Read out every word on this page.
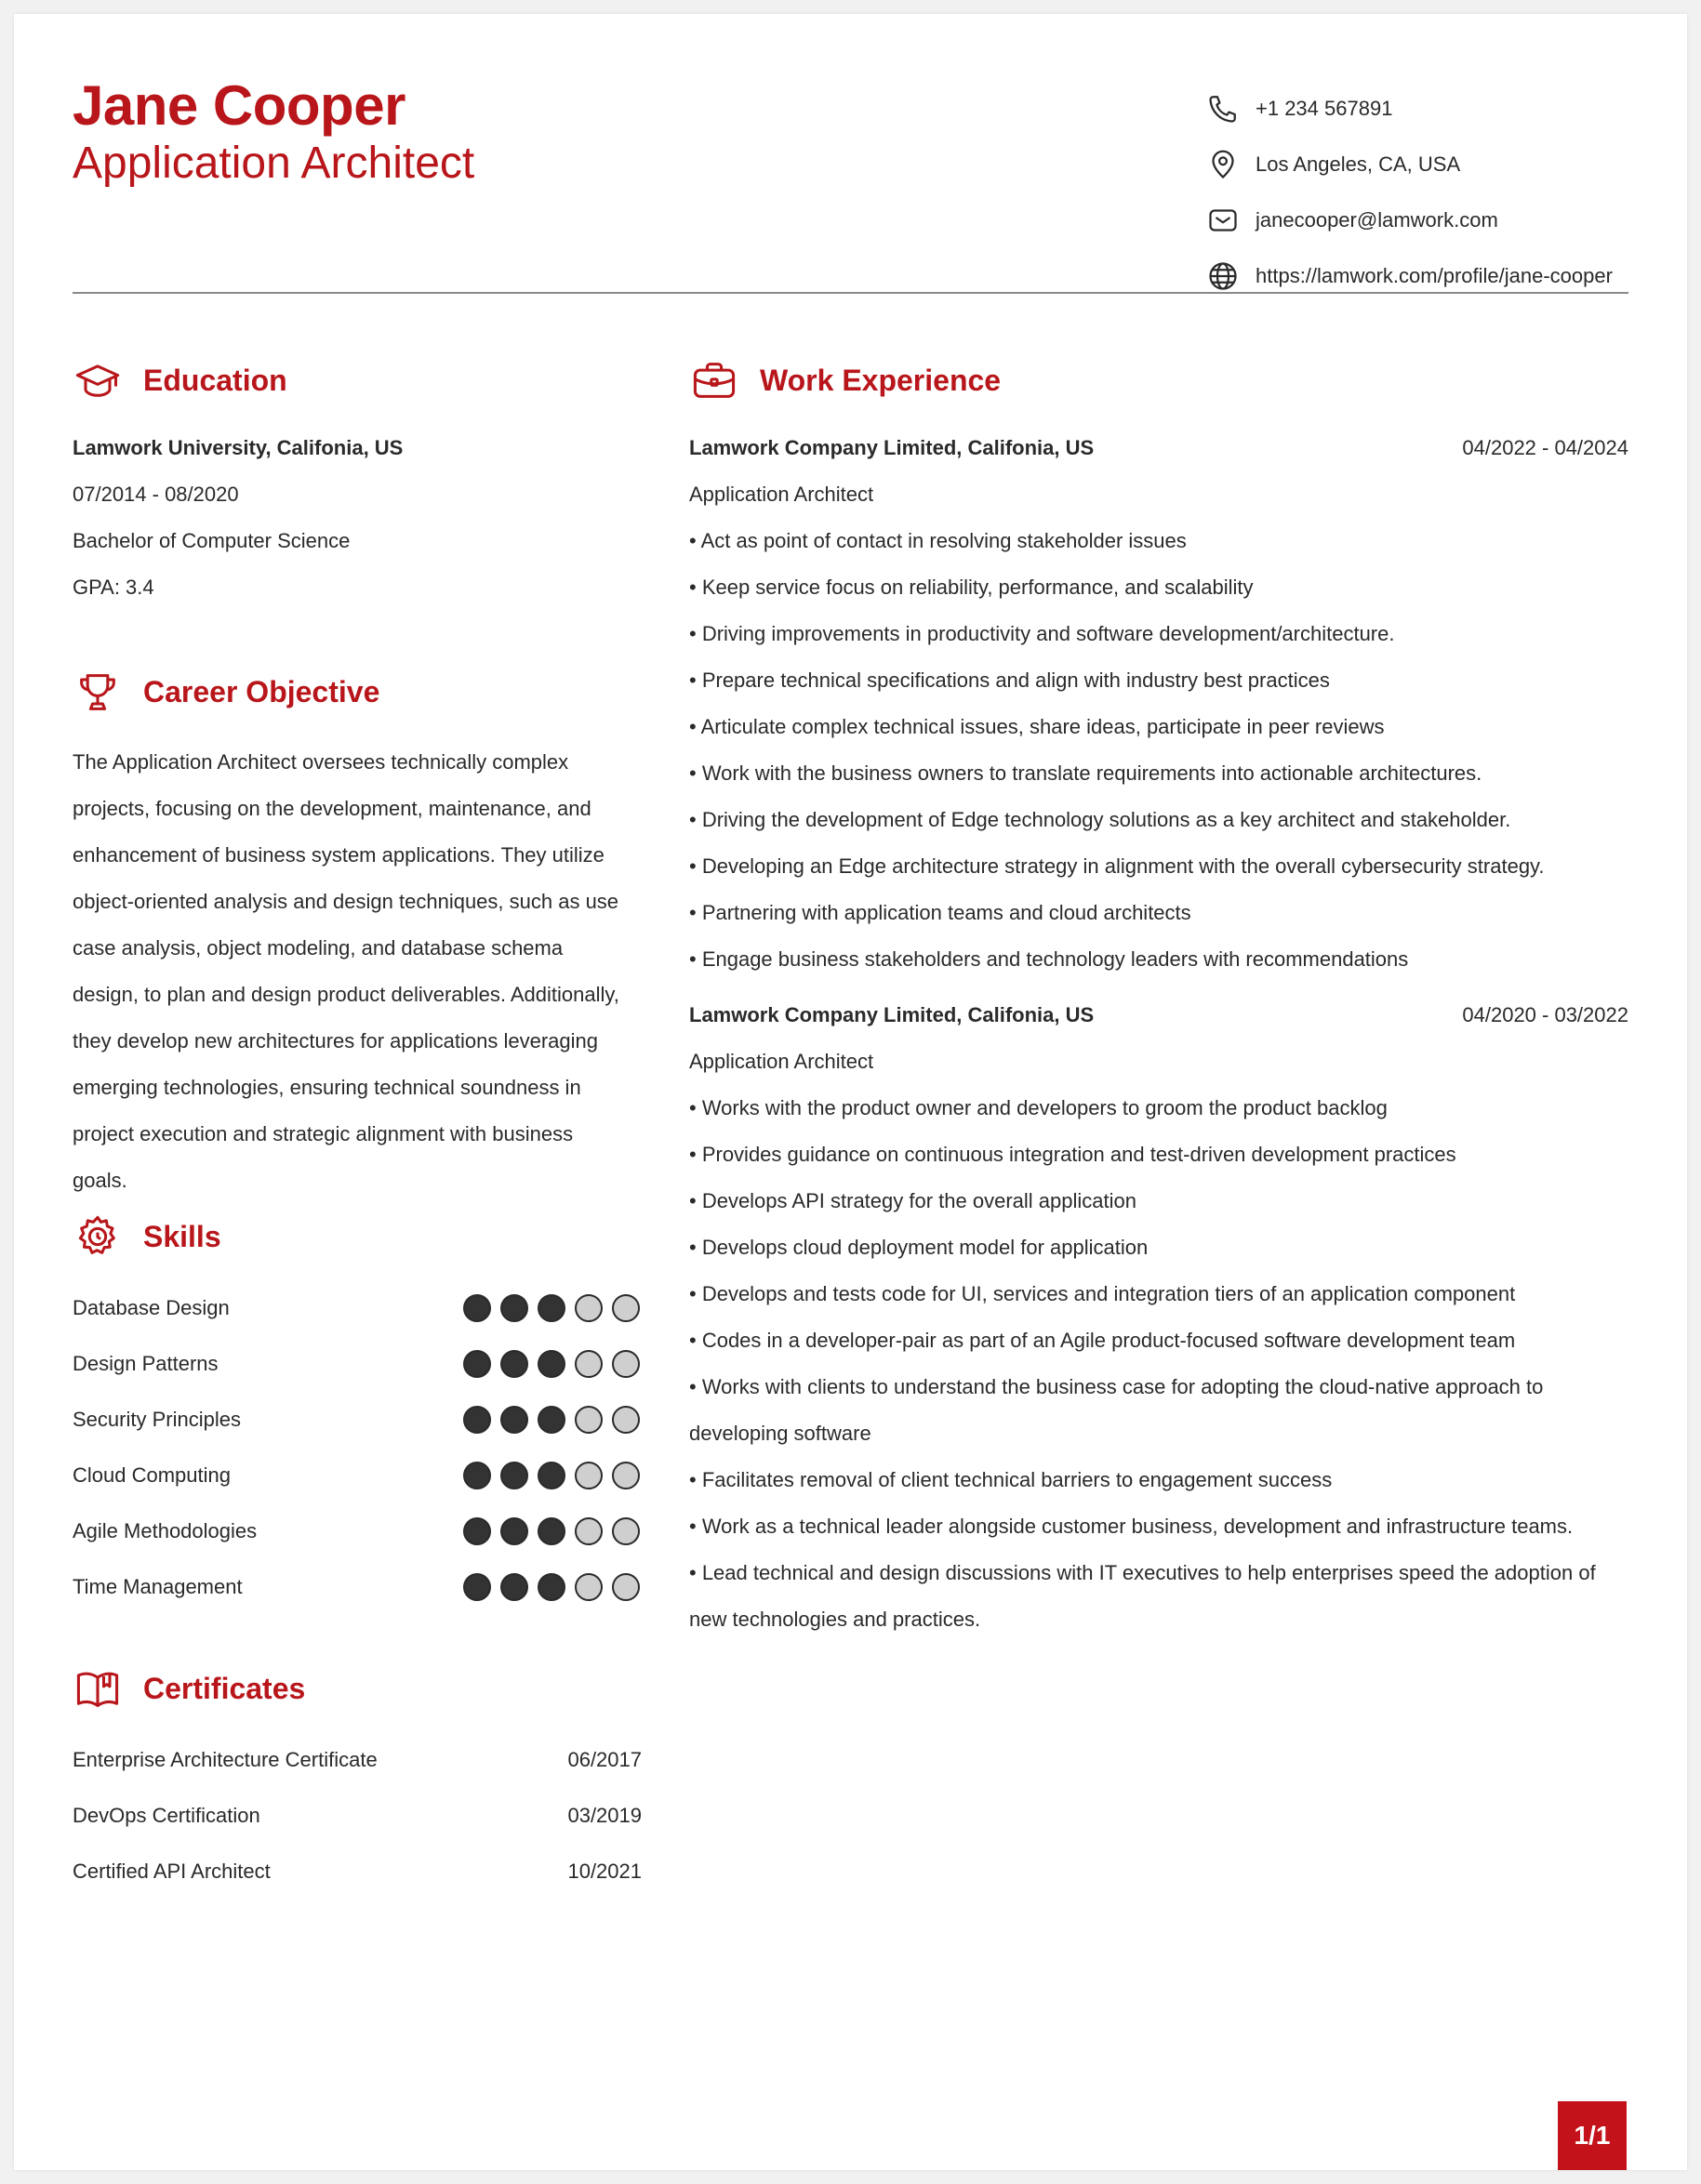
Jane Cooper
Application Architect
+1 234 567891
Los Angeles, CA, USA
janecooper@lamwork.com
https://lamwork.com/profile/jane-cooper
Education
Lamwork University, Califonia, US
07/2014 - 08/2020
Bachelor of Computer Science
GPA: 3.4
Career Objective
The Application Architect oversees technically complex projects, focusing on the development, maintenance, and enhancement of business system applications. They utilize object-oriented analysis and design techniques, such as use case analysis, object modeling, and database schema design, to plan and design product deliverables. Additionally, they develop new architectures for applications leveraging emerging technologies, ensuring technical soundness in project execution and strategic alignment with business goals.
Skills
Certificates
Work Experience
Lamwork Company Limited, Califonia, US	04/2022 - 04/2024
Application Architect
• Act as point of contact in resolving stakeholder issues
• Keep service focus on reliability, performance, and scalability
• Driving improvements in productivity and software development/architecture.
• Prepare technical specifications and align with industry best practices
• Articulate complex technical issues, share ideas, participate in peer reviews
• Work with the business owners to translate requirements into actionable architectures.
• Driving the development of Edge technology solutions as a key architect and stakeholder.
• Developing an Edge architecture strategy in alignment with the overall cybersecurity strategy.
• Partnering with application teams and cloud architects
• Engage business stakeholders and technology leaders with recommendations
Lamwork Company Limited, Califonia, US	04/2020 - 03/2022
Application Architect
• Works with the product owner and developers to groom the product backlog
• Provides guidance on continuous integration and test-driven development practices
• Develops API strategy for the overall application
• Develops cloud deployment model for application
• Develops and tests code for UI, services and integration tiers of an application component
• Codes in a developer-pair as part of an Agile product-focused software development team
• Works with clients to understand the business case for adopting the cloud-native approach to developing software
• Facilitates removal of client technical barriers to engagement success
• Work as a technical leader alongside customer business, development and infrastructure teams.
• Lead technical and design discussions with IT executives to help enterprises speed the adoption of new technologies and practices.
1/1
Database Design
Design Patterns
Security Principles
Cloud Computing
Agile Methodologies
Time Management
Enterprise Architecture Certificate	06/2017
DevOps Certification	03/2019
Certified API Architect	10/2021
